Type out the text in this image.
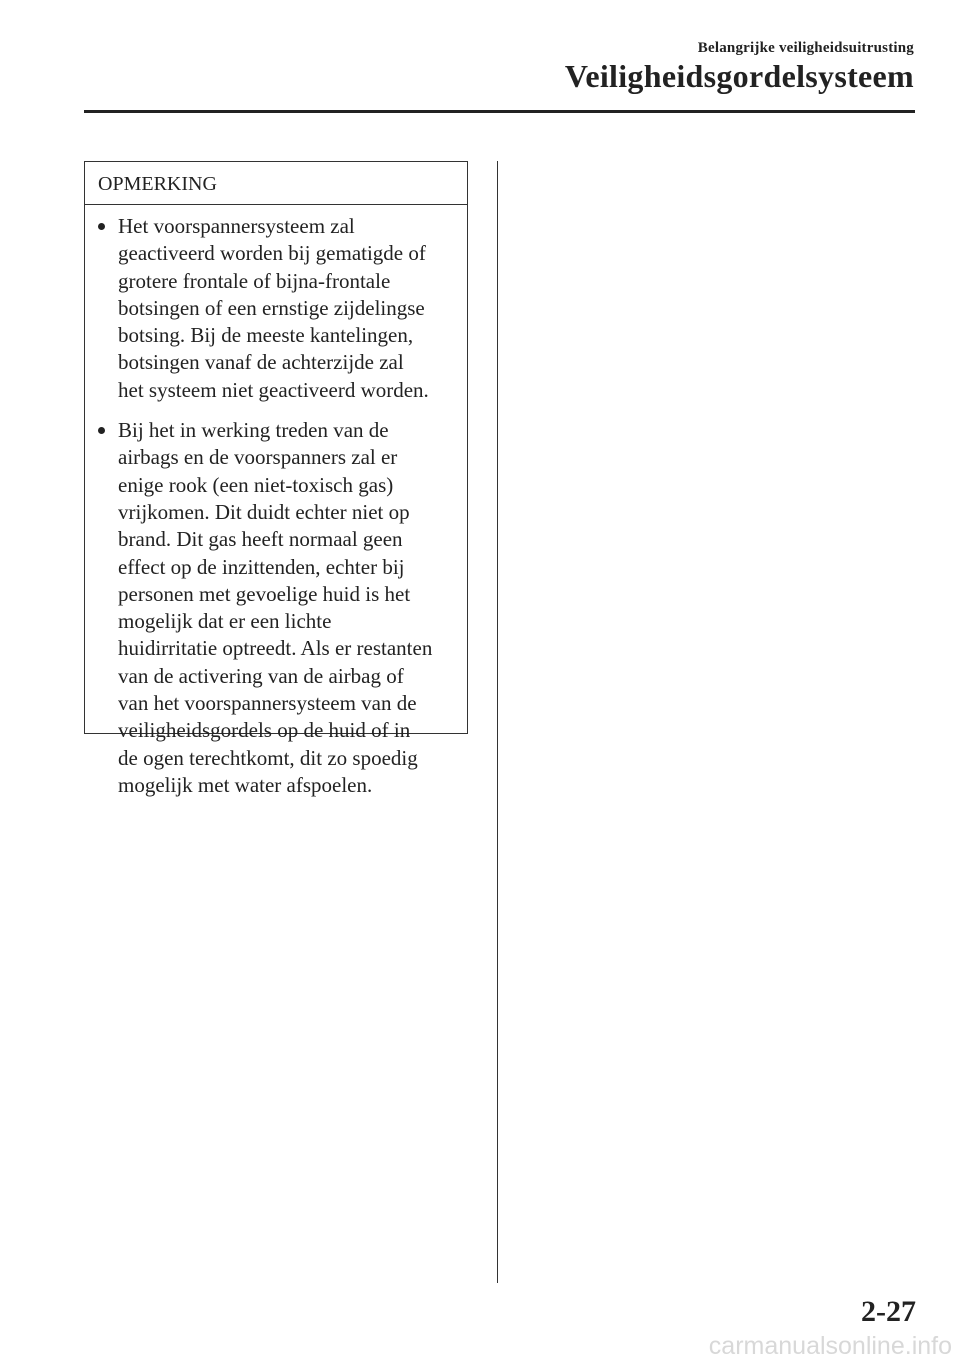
Belangrijke veiligheidsuitrusting
Veiligheidsgordelsysteem
OPMERKING
Het voorspannersysteem zal
geactiveerd worden bij gematigde of
grotere frontale of bijna-frontale
botsingen of een ernstige zijdelingse
botsing. Bij de meeste kantelingen,
botsingen vanaf de achterzijde zal
het systeem niet geactiveerd worden.
Bij het in werking treden van de
airbags en de voorspanners zal er
enige rook (een niet-toxisch gas)
vrijkomen. Dit duidt echter niet op
brand. Dit gas heeft normaal geen
effect op de inzittenden, echter bij
personen met gevoelige huid is het
mogelijk dat er een lichte
huidirritatie optreedt. Als er restanten
van de activering van de airbag of
van het voorspannersysteem van de
veiligheidsgordels op de huid of in
de ogen terechtkomt, dit zo spoedig
mogelijk met water afspoelen.
2-27
carmanualsonline.info
